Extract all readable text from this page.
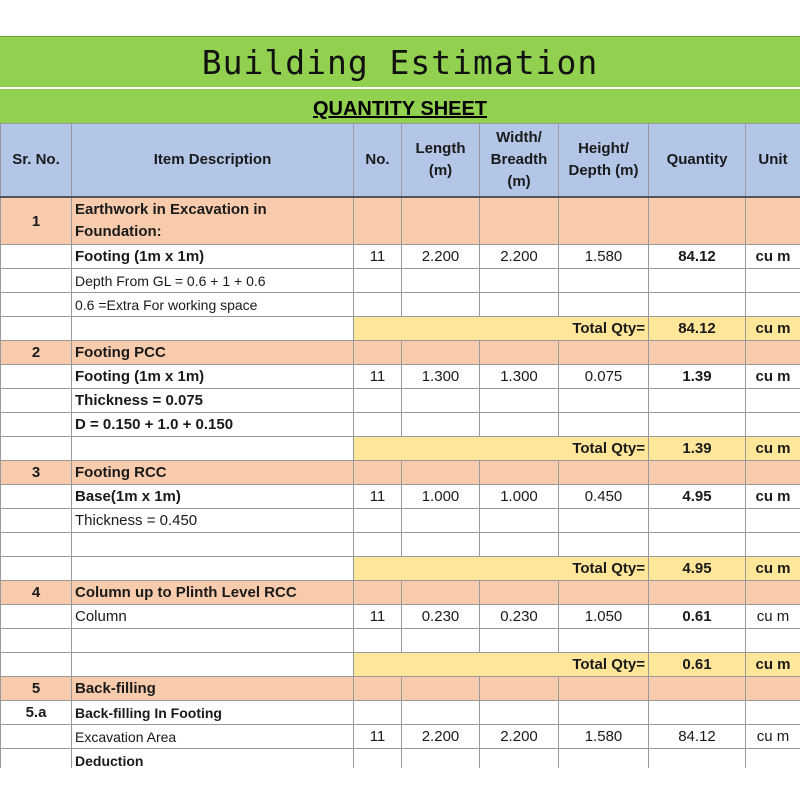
Building Estimation
QUANTITY SHEET
Sr. No.	Item Description	No.	Length (m)	Width/ Breadth (m)	Height/ Depth (m)	Quantity	Unit
1	Earthwork in Excavation in Foundation:						
	Footing (1m x 1m)	11	2.200	2.200	1.580	84.12	cu m
	Depth From GL = 0.6 + 1 + 0.6						
	0.6 =Extra For working space						
		Total Qty=				84.12	cu m
2	Footing PCC						
	Footing (1m x 1m)	11	1.300	1.300	0.075	1.39	cu m
	Thickness = 0.075						
	D = 0.150 + 1.0 + 0.150						
		Total Qty=				1.39	cu m
3	Footing RCC						
	Base(1m x 1m)	11	1.000	1.000	0.450	4.95	cu m
	Thickness = 0.450						

		Total Qty=				4.95	cu m
4	Column up to Plinth Level RCC						
	Column	11	0.230	0.230	1.050	0.61	cu m

		Total Qty=				0.61	cu m
5	Back-filling						
5.a	Back-filling In Footing						
	Excavation Area	11	2.200	2.200	1.580	84.12	cu m
	Deduction						
